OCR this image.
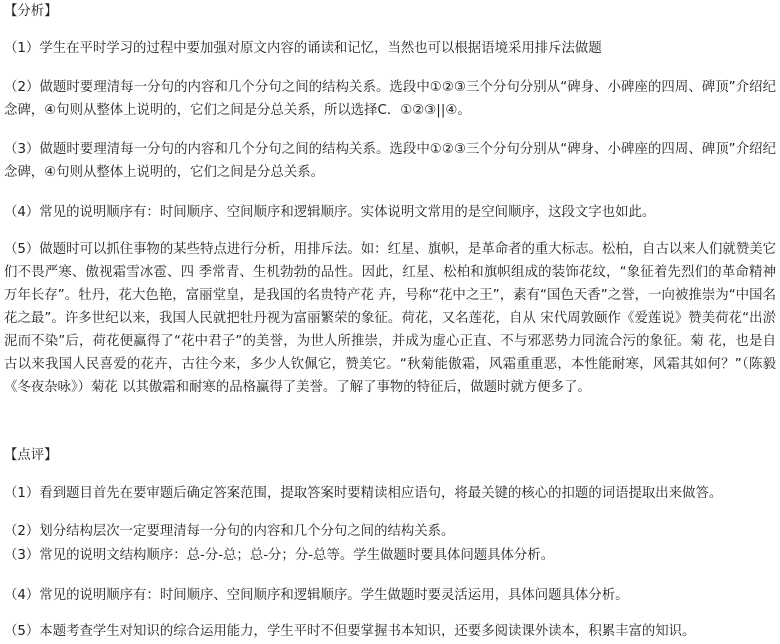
【分析】
（1）学生在平时学习的过程中要加强对原文内容的诵读和记忆，当然也可以根据语境采用排斥法做题
（2）做题时要理清每一分句的内容和几个分句之间的结构关系。选段中①②③三个分句分别从“碑身、小碑座的四周、碑顶”介绍纪念碑，④句则从整体上说明的，它们之间是分总关系，所以选择C．①②③||④。
（3）做题时要理清每一分句的内容和几个分句之间的结构关系。选段中①②③三个分句分别从“碑身、小碑座的四周、碑顶”介绍纪念碑，④句则从整体上说明的，它们之间是分总关系。
（4）常见的说明顺序有：时间顺序、空间顺序和逻辑顺序。实体说明文常用的是空间顺序，这段文字也如此。
（5）做题时可以抓住事物的某些特点进行分析，用排斥法。如：红星、旗帜，是革命者的重大标志。松柏，自古以来人们就赞美它们不畏严寒、傲视霜雪冰雹、四 季常青、生机勃勃的品性。因此，红星、松柏和旗帜组成的装饰花纹，“象征着先烈们的革命精神万年长存”。牡丹，花大色艳，富丽堂皇，是我国的名贵特产花 卉，号称“花中之王”，素有“国色天香”之誉，一向被推崇为“中国名花之最”。许多世纪以来，我国人民就把牡丹视为富丽繁荣的象征。荷花，又名莲花，自从 宋代周敦颐作《爱莲说》赞美荷花“出淤泥而不染”后，荷花便赢得了“花中君子”的美誉，为世人所推崇，并成为虚心正直、不与邪恶势力同流合污的象征。菊 花，也是自古以来我国人民喜爱的花卉，古往今来，多少人钦佩它，赞美它。“秋菊能傲霜，风霜重重恶，本性能耐寒，风霜其如何？”（陈毅《冬夜杂咏》）菊花 以其傲霜和耐寒的品格赢得了美誉。了解了事物的特征后，做题时就方便多了。
【点评】
（1）看到题目首先在要审题后确定答案范围，提取答案时要精读相应语句，将最关键的核心的扣题的词语提取出来做答。
（2）划分结构层次一定要理清每一分句的内容和几个分句之间的结构关系。
（3）常见的说明文结构顺序：总-分-总；总-分；分-总等。学生做题时要具体问题具体分析。
（4）常见的说明顺序有：时间顺序、空间顺序和逻辑顺序。学生做题时要灵活运用，具体问题具体分析。
（5）本题考查学生对知识的综合运用能力，学生平时不但要掌握书本知识，还要多阅读课外读本，积累丰富的知识。
